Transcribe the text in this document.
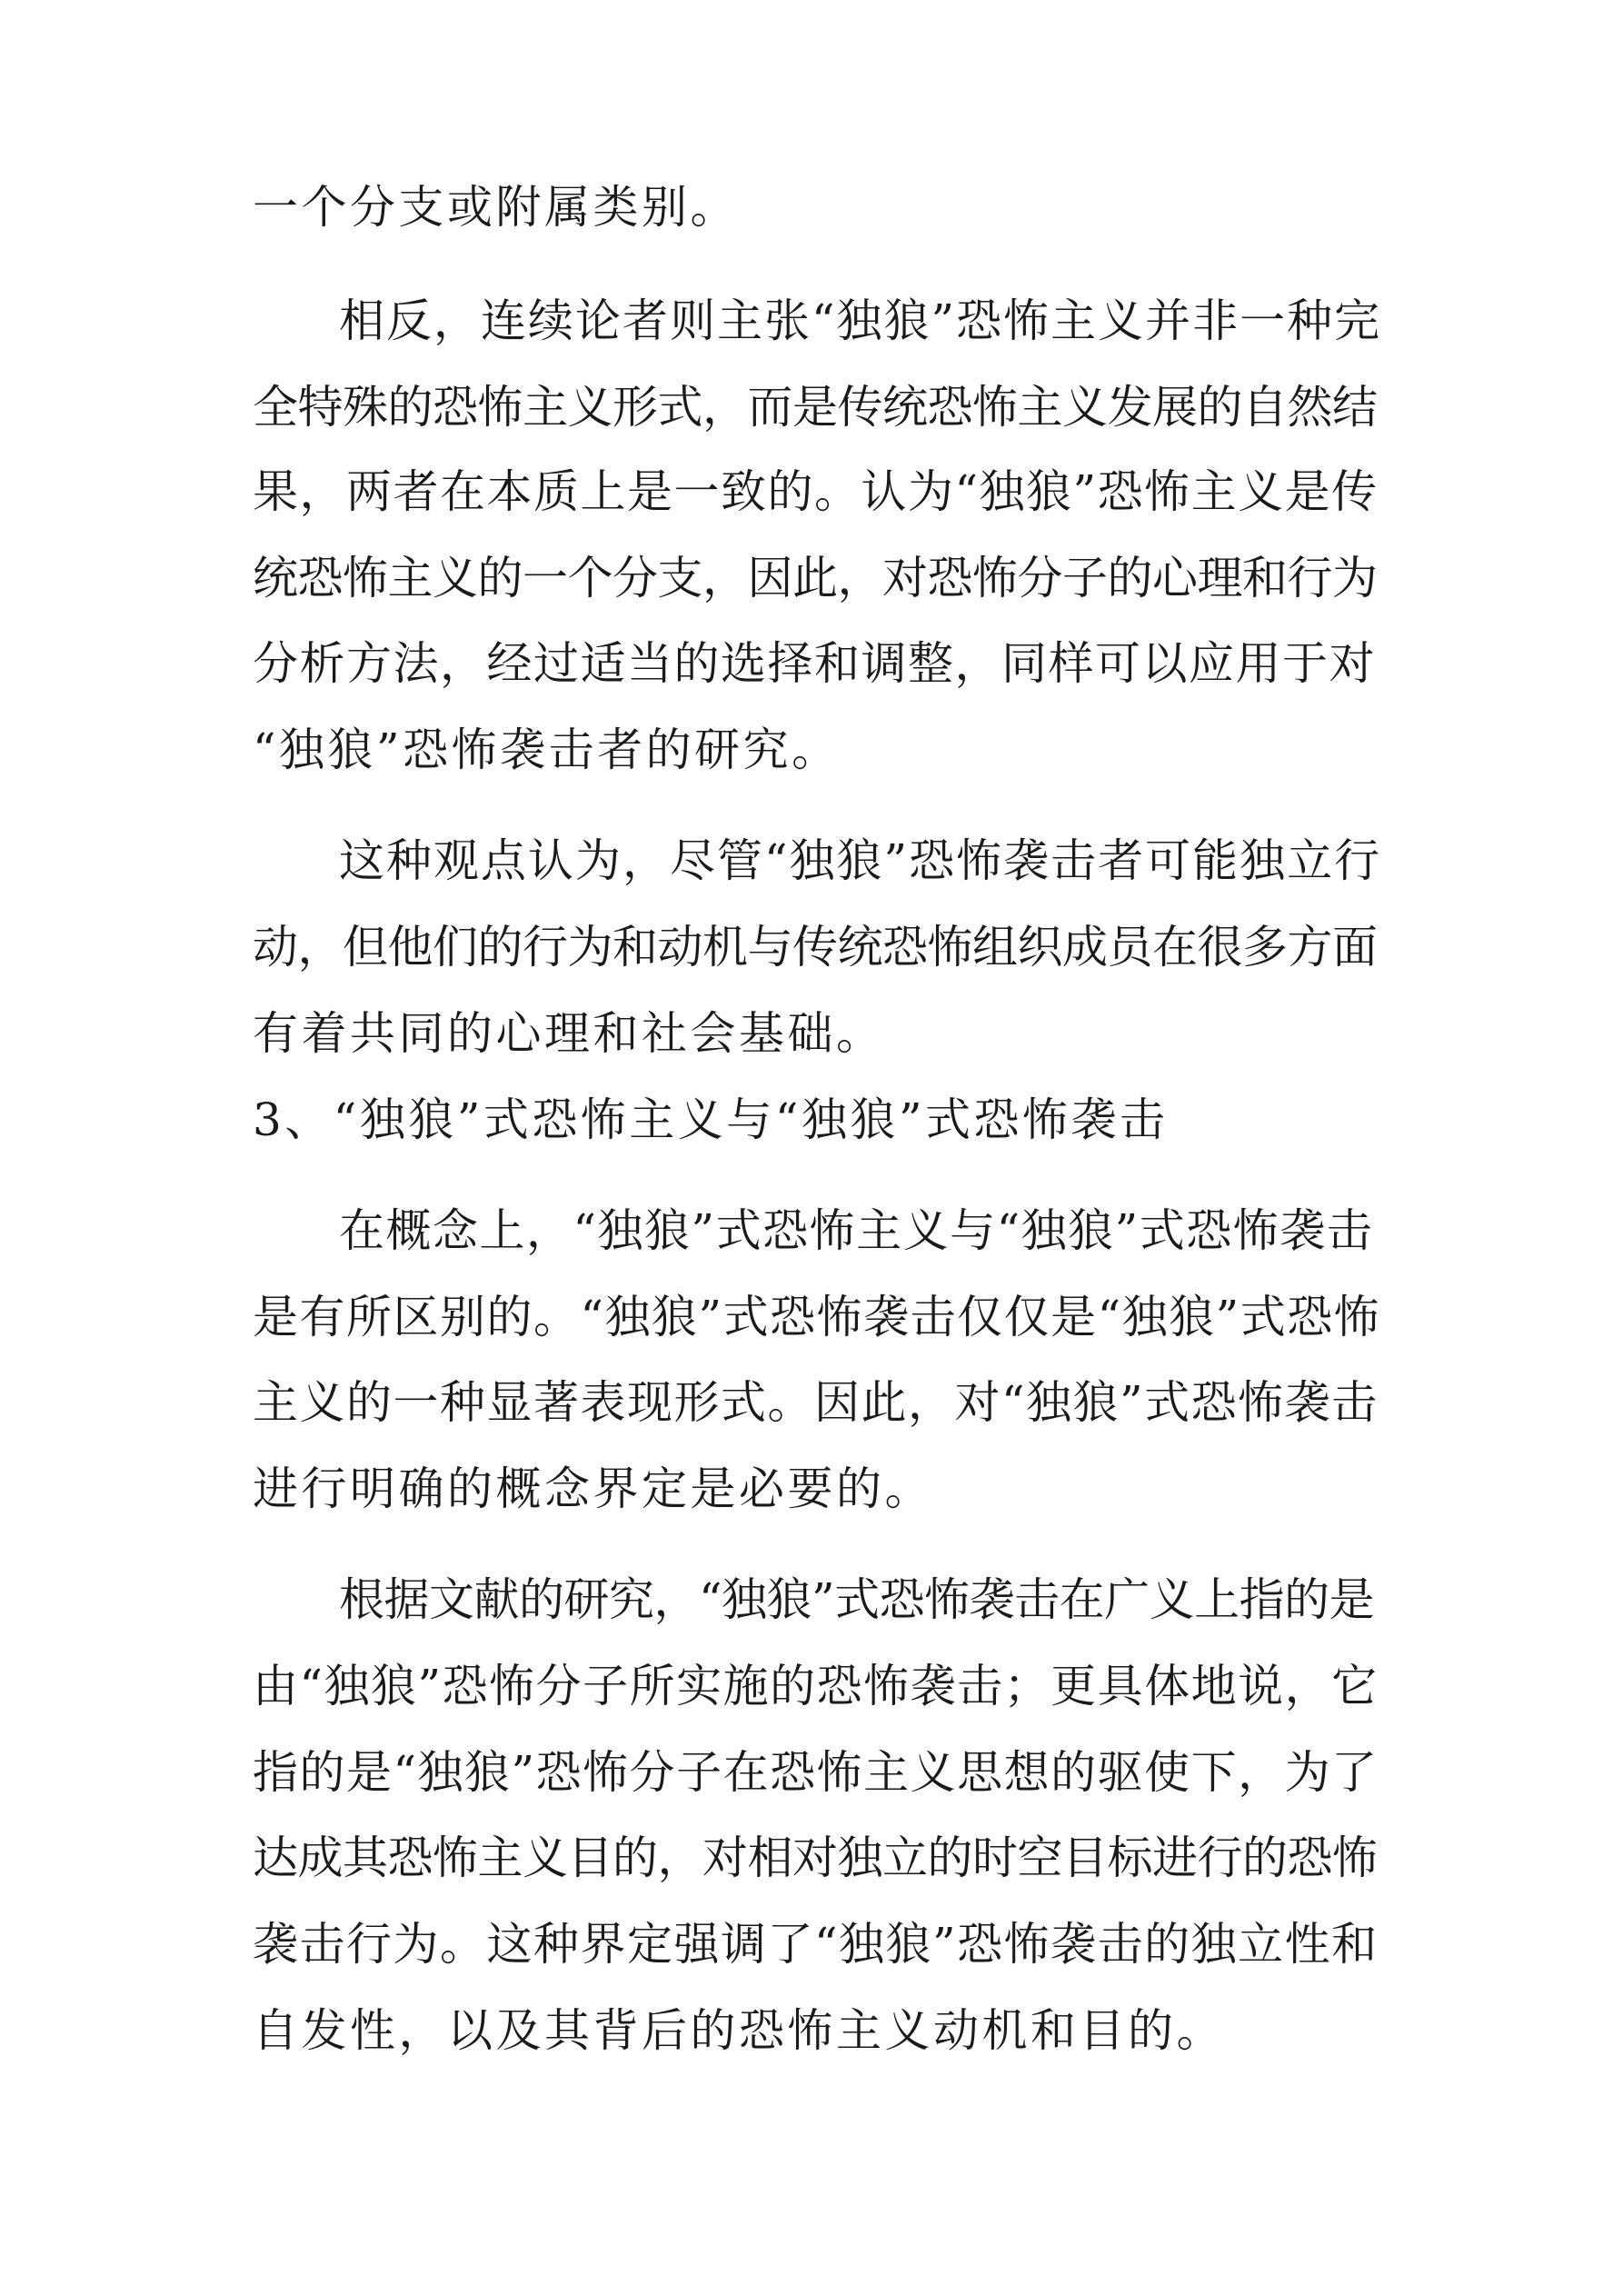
一个分支或附属类别。
相反，连续论者则主张“独狼”恐怖主义并非一种完
全特殊的恐怖主义形式，而是传统恐怖主义发展的自然结
果，两者在本质上是一致的。认为“独狼”恐怖主义是传
统恐怖主义的一个分支，因此，对恐怖分子的心理和行为
分析方法，经过适当的选择和调整，同样可以应用于对
“独狼”恐怖袭击者的研究。
这种观点认为，尽管“独狼”恐怖袭击者可能独立行
动，但他们的行为和动机与传统恐怖组织成员在很多方面
有着共同的心理和社会基础。
3、“独狼”式恐怖主义与“独狼”式恐怖袭击
在概念上，“独狼”式恐怖主义与“独狼”式恐怖袭击
是有所区别的。“独狼”式恐怖袭击仅仅是“独狼”式恐怖
主义的一种显著表现形式。因此，对“独狼”式恐怖袭击
进行明确的概念界定是必要的。
根据文献的研究，“独狼”式恐怖袭击在广义上指的是
由“独狼”恐怖分子所实施的恐怖袭击；更具体地说，它
指的是“独狼”恐怖分子在恐怖主义思想的驱使下，为了
达成其恐怖主义目的，对相对独立的时空目标进行的恐怖
袭击行为。这种界定强调了“独狼”恐怖袭击的独立性和
自发性，以及其背后的恐怖主义动机和目的。
